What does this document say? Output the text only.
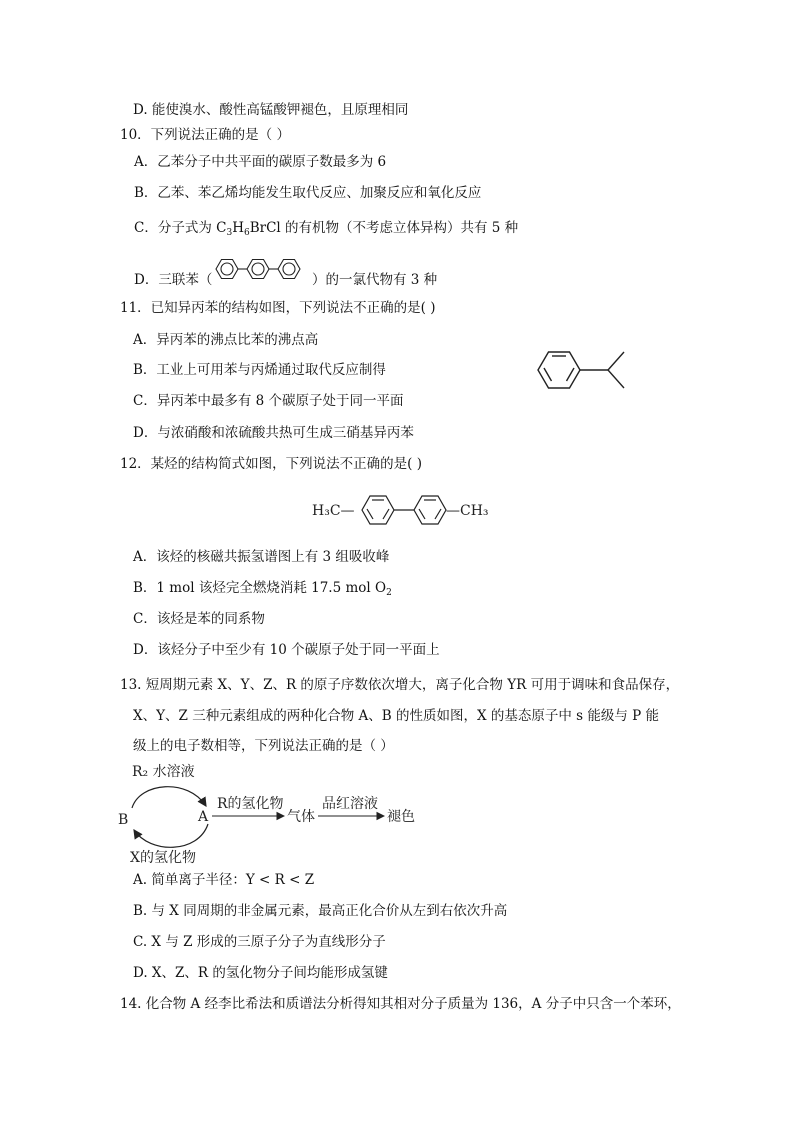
D. 能使溴水、酸性高锰酸钾褪色，且原理相同
10．下列说法正确的是（ ）
A．乙苯分子中共平面的碳原子数最多为 6
B．乙苯、苯乙烯均能发生取代反应、加聚反应和氧化反应
C．分子式为 $C_3H_6BrCl$ 的有机物（不考虑立体异构）共有 5 种
D．三联苯（	）的一氯代物有 3 种
11．已知异丙苯的结构如图，下列说法不正确的是( )
A．异丙苯的沸点比苯的沸点高
B．工业上可用苯与丙烯通过取代反应制得
C．异丙苯中最多有 8 个碳原子处于同一平面
D．与浓硝酸和浓硫酸共热可生成三硝基异丙苯
12．某烃的结构简式如图，下列说法不正确的是( )
H₃C—	—CH₃
A．该烃的核磁共振氢谱图上有 3 组吸收峰
B．1 mol 该烃完全燃烧消耗 17.5 mol $O_2$
C．该烃是苯的同系物
D．该烃分子中至少有 10 个碳原子处于同一平面上
13. 短周期元素 X、Y、Z、R 的原子序数依次增大，离子化合物 YR 可用于调味和食品保存，
X、Y、Z 三种元素组成的两种化合物 A、B 的性质如图，X 的基态原子中 s 能级与 P 能
级上的电子数相等，下列说法正确的是（ ）
R₂ 水溶液
B	A
R的氢化物
气体
品红溶液
褪色
X的氢化物
A. 简单离子半径：Y < R < Z
B. 与 X 同周期的非金属元素，最高正化合价从左到右依次升高
C. X 与 Z 形成的三原子分子为直线形分子
D. X、Z、R 的氢化物分子间均能形成氢键
14. 化合物 A 经李比希法和质谱法分析得知其相对分子质量为 136，A 分子中只含一个苯环，
